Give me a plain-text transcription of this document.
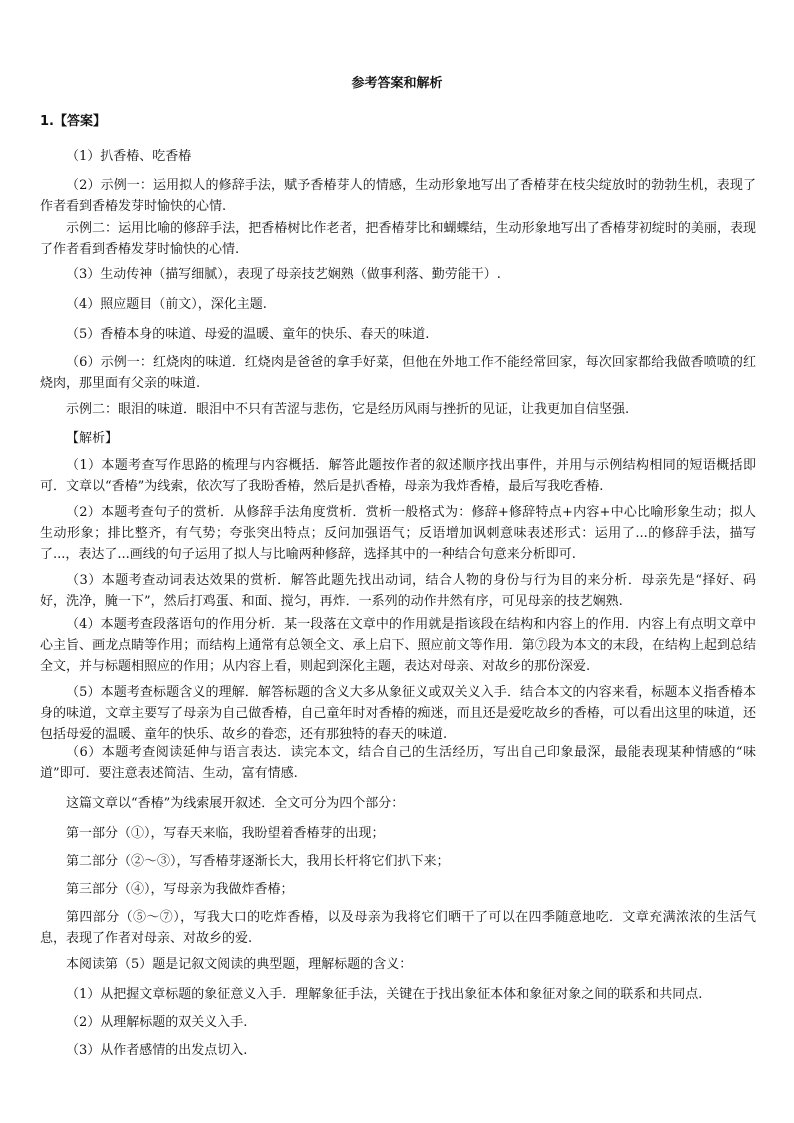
参考答案和解析
1.【答案】

（1）扒香椿、吃香椿

（2）示例一：运用拟人的修辞手法，赋予香椿芽人的情感，生动形象地写出了香椿芽在枝尖绽放时的勃勃生机，表现了作者看到香椿发芽时愉快的心情.

示例二：运用比喻的修辞手法，把香椿树比作老者，把香椿芽比和蝴蝶结，生动形象地写出了香椿芽初绽时的美丽，表现了作者看到香椿发芽时愉快的心情.

（3）生动传神（描写细腻），表现了母亲技艺娴熟（做事利落、勤劳能干）.

（4）照应题目（前文），深化主题.

（5）香椿本身的味道、母爱的温暖、童年的快乐、春天的味道.

（6）示例一：红烧肉的味道．红烧肉是爸爸的拿手好菜，但他在外地工作不能经常回家，每次回家都给我做香喷喷的红烧肉，那里面有父亲的味道.

示例二：眼泪的味道．眼泪中不只有苦涩与悲伤，它是经历风雨与挫折的见证，让我更加自信坚强.

【解析】

（1）本题考查写作思路的梳理与内容概括．解答此题按作者的叙述顺序找出事件，并用与示例结构相同的短语概括即可．文章以“香椿”为线索，依次写了我盼香椿，然后是扒香椿，母亲为我炸香椿，最后写我吃香椿.

（2）本题考查句子的赏析．从修辞手法角度赏析．赏析一般格式为：修辞+修辞特点+内容+中心比喻形象生动；拟人生动形象；排比整齐，有气势；夸张突出特点；反问加强语气；反语增加讽刺意味表述形式：运用了...的修辞手法，描写了...，表达了...画线的句子运用了拟人与比喻两种修辞，选择其中的一种结合句意来分析即可.

（3）本题考查动词表达效果的赏析．解答此题先找出动词，结合人物的身份与行为目的来分析．母亲先是“择好、码好，洗净，腌一下”，然后打鸡蛋、和面、搅匀，再炸．一系列的动作井然有序，可见母亲的技艺娴熟.

（4）本题考查段落语句的作用分析．某一段落在文章中的作用就是指该段在结构和内容上的作用．内容上有点明文章中心主旨、画龙点睛等作用；而结构上通常有总领全文、承上启下、照应前文等作用．第⑦段为本文的末段，在结构上起到总结全文，并与标题相照应的作用；从内容上看，则起到深化主题，表达对母亲、对故乡的那份深爱.

（5）本题考查标题含义的理解．解答标题的含义大多从象征义或双关义入手．结合本文的内容来看，标题本义指香椿本身的味道，文章主要写了母亲为自己做香椿，自己童年时对香椿的痴迷，而且还是爱吃故乡的香椿，可以看出这里的味道，还包括母爱的温暖、童年的快乐、故乡的眷恋，还有那独特的春天的味道.

（6）本题考查阅读延伸与语言表达．读完本文，结合自己的生活经历，写出自己印象最深，最能表现某种情感的“味道”即可．要注意表述简洁、生动，富有情感.

这篇文章以“香椿”为线索展开叙述．全文可分为四个部分：

第一部分（①），写春天来临，我盼望着香椿芽的出现；

第二部分（②～③），写香椿芽逐渐长大，我用长杆将它们扒下来；

第三部分（④），写母亲为我做炸香椿；

第四部分（⑤～⑦），写我大口的吃炸香椿，以及母亲为我将它们晒干了可以在四季随意地吃．文章充满浓浓的生活气息，表现了作者对母亲、对故乡的爱.

本阅读第（5）题是记叙文阅读的典型题，理解标题的含义：

（1）从把握文章标题的象征意义入手．理解象征手法，关键在于找出象征本体和象征对象之间的联系和共同点.

（2）从理解标题的双关义入手.

（3）从作者感情的出发点切入.
